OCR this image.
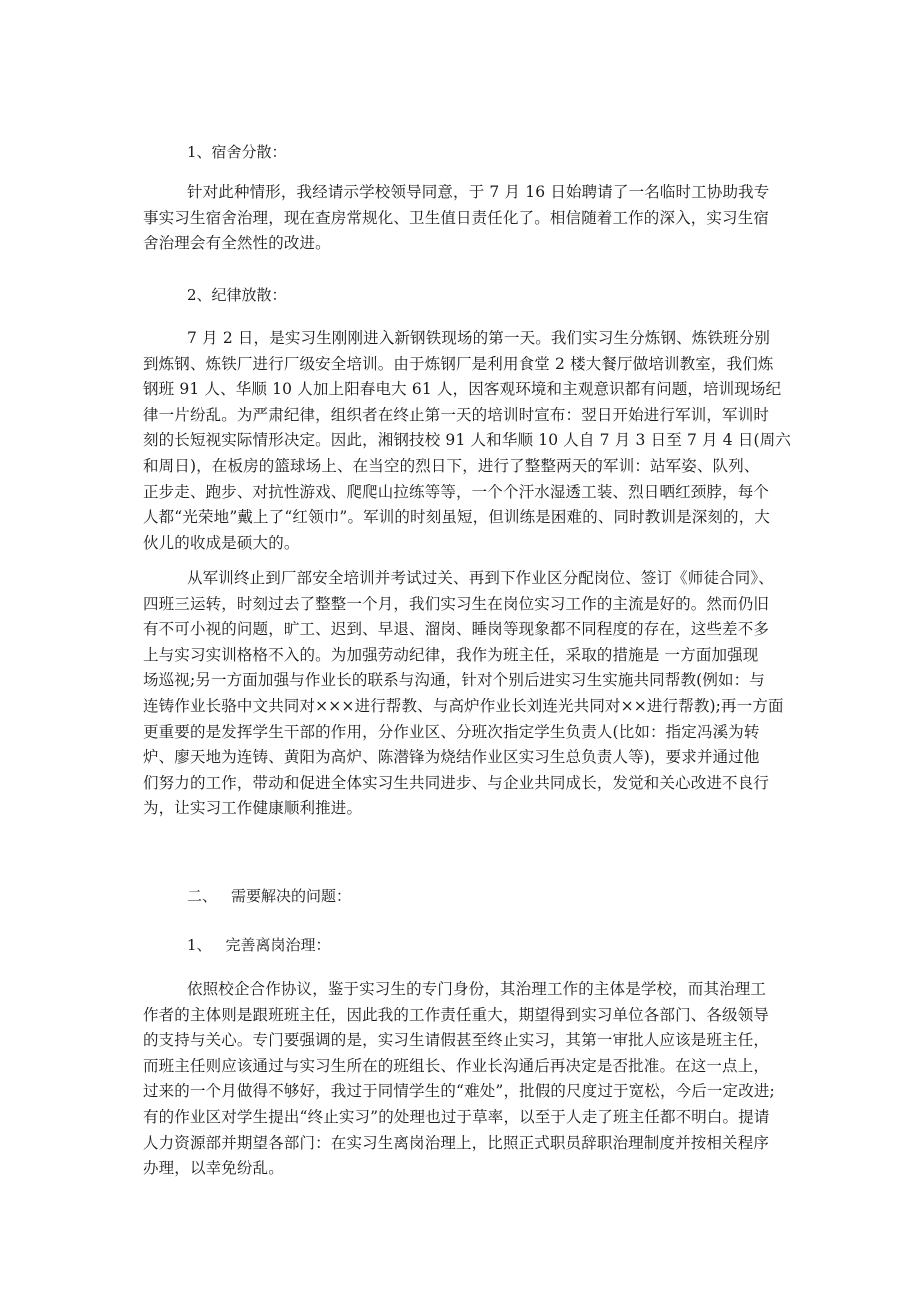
1、宿舍分散：

针对此种情形，我经请示学校领导同意，于 7 月 16 日始聘请了一名临时工协助我专
事实习生宿舍治理，现在查房常规化、卫生值日责任化了。相信随着工作的深入，实习生宿
舍治理会有全然性的改进。

2、纪律放散：

7 月 2 日，是实习生刚刚进入新钢铁现场的第一天。我们实习生分炼钢、炼铁班分别
到炼钢、炼铁厂进行厂级安全培训。由于炼钢厂是利用食堂 2 楼大餐厅做培训教室，我们炼
钢班 91 人、华顺 10 人加上阳春电大 61 人，因客观环境和主观意识都有问题，培训现场纪
律一片纷乱。为严肃纪律，组织者在终止第一天的培训时宣布：翌日开始进行军训，军训时
刻的长短视实际情形决定。因此，湘钢技校 91 人和华顺 10 人自 7 月 3 日至 7 月 4 日(周六
和周日)，在板房的篮球场上、在当空的烈日下，进行了整整两天的军训：站军姿、队列、
正步走、跑步、对抗性游戏、爬爬山拉练等等，一个个汗水湿透工装、烈日晒红颈脖，每个
人都“光荣地”戴上了“红领巾”。军训的时刻虽短，但训练是困难的、同时教训是深刻的，大
伙儿的收成是硕大的。

从军训终止到厂部安全培训并考试过关、再到下作业区分配岗位、签订《师徒合同》、
四班三运转，时刻过去了整整一个月，我们实习生在岗位实习工作的主流是好的。然而仍旧
有不可小视的问题，旷工、迟到、早退、溜岗、睡岗等现象都不同程度的存在，这些差不多
上与实习实训格格不入的。为加强劳动纪律，我作为班主任，采取的措施是 一方面加强现
场巡视;另一方面加强与作业长的联系与沟通，针对个别后进实习生实施共同帮教(例如：与
连铸作业长骆中文共同对×××进行帮教、与高炉作业长刘连光共同对××进行帮教);再一方面
更重要的是发挥学生干部的作用，分作业区、分班次指定学生负责人(比如：指定冯溪为转
炉、廖天地为连铸、黄阳为高炉、陈潜锋为烧结作业区实习生总负责人等)，要求并通过他
们努力的工作，带动和促进全体实习生共同进步、与企业共同成长，发觉和关心改进不良行
为，让实习工作健康顺利推进。

二、 需要解决的问题：
1、 完善离岗治理：

依照校企合作协议，鉴于实习生的专门身份，其治理工作的主体是学校，而其治理工
作者的主体则是跟班班主任，因此我的工作责任重大，期望得到实习单位各部门、各级领导
的支持与关心。专门要强调的是，实习生请假甚至终止实习，其第一审批人应该是班主任，
而班主任则应该通过与实习生所在的班组长、作业长沟通后再决定是否批准。在这一点上，
过来的一个月做得不够好，我过于同情学生的“难处”，批假的尺度过于宽松，今后一定改进;
有的作业区对学生提出“终止实习”的处理也过于草率，以至于人走了班主任都不明白。提请
人力资源部并期望各部门：在实习生离岗治理上，比照正式职员辞职治理制度并按相关程序
办理，以幸免纷乱。
